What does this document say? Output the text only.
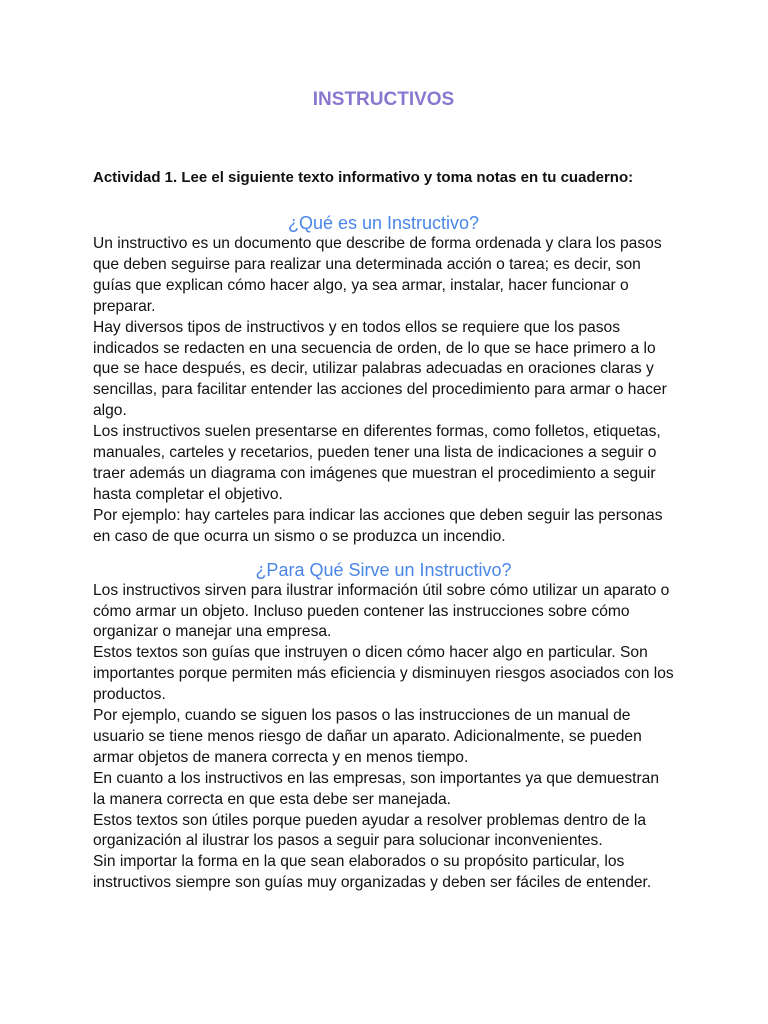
INSTRUCTIVOS

Actividad 1. Lee el siguiente texto informativo y toma notas en tu cuaderno:

¿Qué es un Instructivo?

Un instructivo es un documento que describe de forma ordenada y clara los pasos que deben seguirse para realizar una determinada acción o tarea; es decir, son guías que explican cómo hacer algo, ya sea armar, instalar, hacer funcionar o preparar.

Hay diversos tipos de instructivos y en todos ellos se requiere que los pasos indicados se redacten en una secuencia de orden, de lo que se hace primero a lo que se hace después, es decir, utilizar palabras adecuadas en oraciones claras y sencillas, para facilitar entender las acciones del procedimiento para armar o hacer algo.

Los instructivos suelen presentarse en diferentes formas, como folletos, etiquetas, manuales, carteles y recetarios, pueden tener una lista de indicaciones a seguir o traer además un diagrama con imágenes que muestran el procedimiento a seguir hasta completar el objetivo.

Por ejemplo: hay carteles para indicar las acciones que deben seguir las personas en caso de que ocurra un sismo o se produzca un incendio.

¿Para Qué Sirve un Instructivo?

Los instructivos sirven para ilustrar información útil sobre cómo utilizar un aparato o cómo armar un objeto. Incluso pueden contener las instrucciones sobre cómo organizar o manejar una empresa.

Estos textos son guías que instruyen o dicen cómo hacer algo en particular. Son importantes porque permiten más eficiencia y disminuyen riesgos asociados con los productos.

Por ejemplo, cuando se siguen los pasos o las instrucciones de un manual de usuario se tiene menos riesgo de dañar un aparato. Adicionalmente, se pueden armar objetos de manera correcta y en menos tiempo.

En cuanto a los instructivos en las empresas, son importantes ya que demuestran la manera correcta en que esta debe ser manejada.

Estos textos son útiles porque pueden ayudar a resolver problemas dentro de la organización al ilustrar los pasos a seguir para solucionar inconvenientes.

Sin importar la forma en la que sean elaborados o su propósito particular, los instructivos siempre son guías muy organizadas y deben ser fáciles de entender.
